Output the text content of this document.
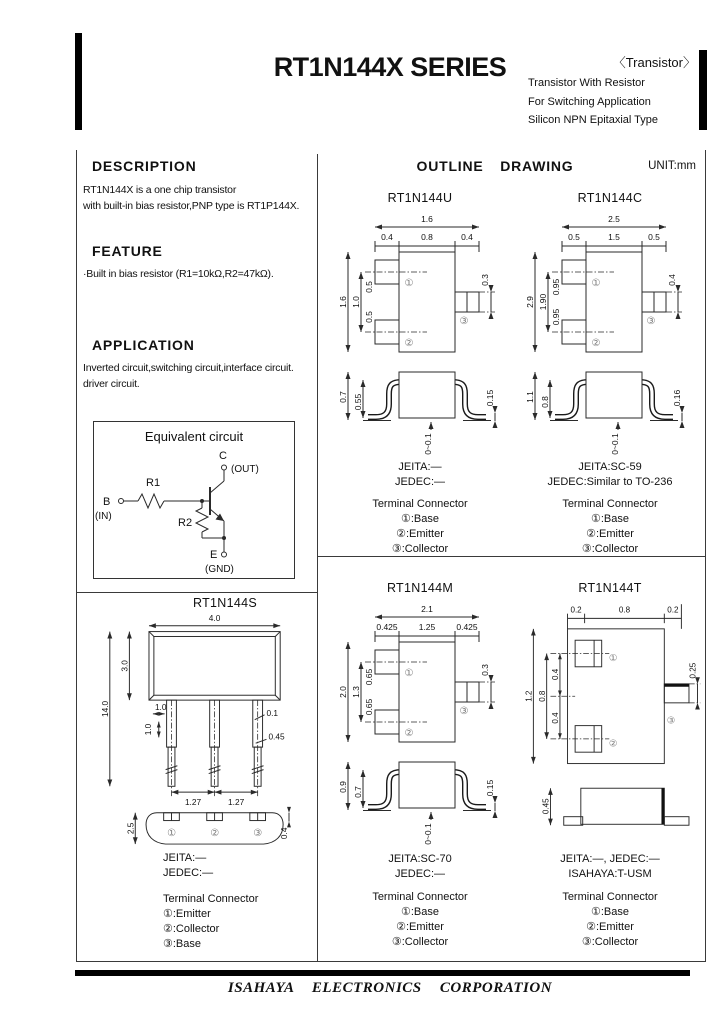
RT1N144X SERIES	〈Transistor〉
Transistor With Resistor
For Switching Application
Silicon NPN Epitaxial Type
DESCRIPTION
RT1N144X is a one chip transistor
with built-in bias resistor,PNP type is RT1P144X.
FEATURE
·Built in bias resistor (R1=10kΩ,R2=47kΩ).
APPLICATION
Inverted circuit,switching circuit,interface circuit.
driver circuit.
Equivalent circuit
B
(IN)
R1
C
(OUT)
R2
E
(GND)
OUTLINE DRAWING	UNIT:mm
RT1N144U
1.6
0.4	0.8	0.4
①
②
③
1.6 1.0
0.5
0.5
0.3
0.7 0.55	0.15
0~0.1
JEITA:—
JEDEC:—
Terminal Connector
①:Base
②:Emitter
③:Collector
RT1N144C
2.5
0.5	1.5	0.5
①
②
③
2.9 1.90
0.95
0.95
0.4
1.1 0.8	0.16
0~0.1
JEITA:SC-59
JEDEC:Similar to TO-236
Terminal Connector
①:Base
②:Emitter
③:Collector
RT1N144S
4.0
3.0
14.0	1.0
1.0
0.1
0.45
1.27	1.27
①	②	③
2.5	0.4
JEITA:—
JEDEC:—
Terminal Connector
①:Emitter
②:Collector
③:Base
RT1N144M
2.1
0.425 1.25 0.425
①
②
③
2.0 1.3
0.65
0.65
0.3
0.9 0.7	0.15
0~0.1
JEITA:SC-70
JEDEC:—
Terminal Connector
①:Base
②:Emitter
③:Collector
RT1N144T
0.2	0.8	0.2
①
②
③
1.2 0.8
0.4
0.4
0.25
0.45
JEITA:—, JEDEC:—
ISAHAYA:T-USM
Terminal Connector
①:Base
②:Emitter
③:Collector
ISAHAYA ELECTRONICS CORPORATION
